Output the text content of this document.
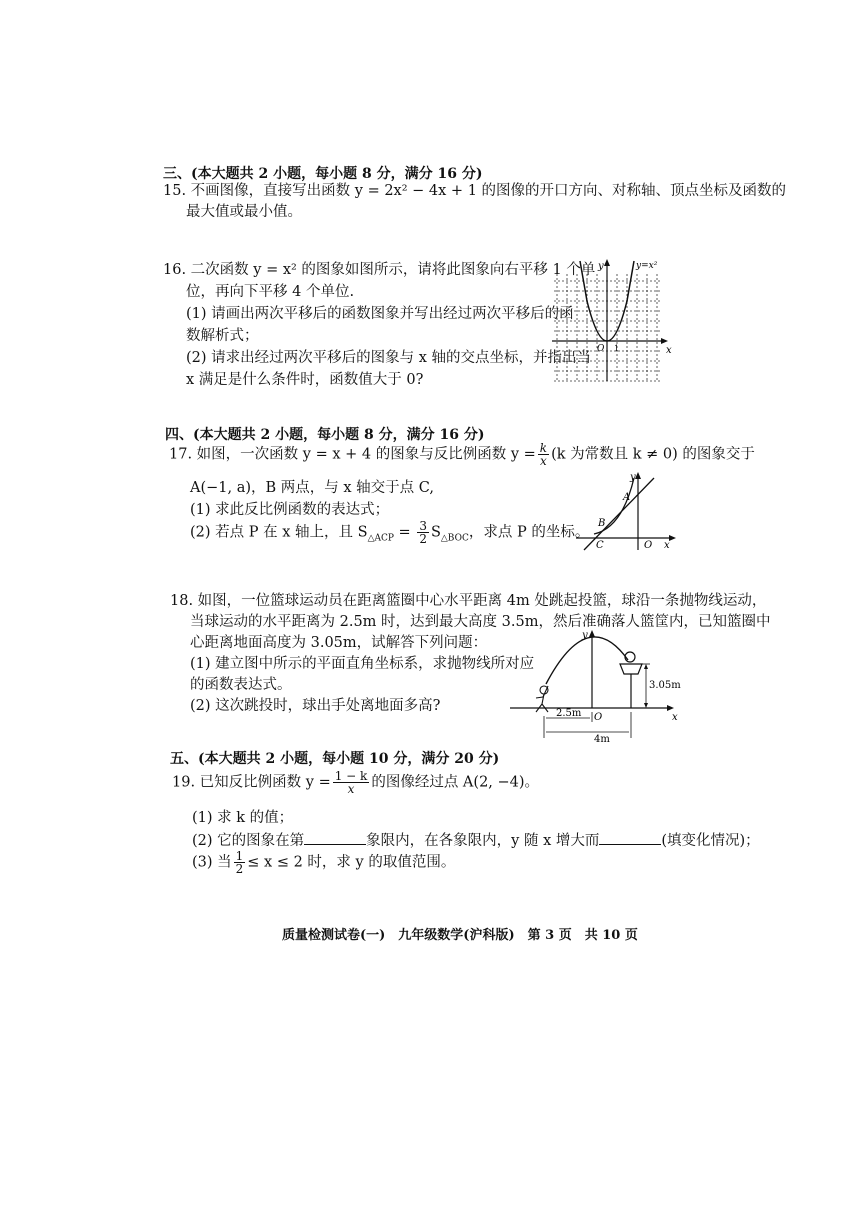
三、(本大题共 2 小题，每小题 8 分，满分 16 分)
15. 不画图像，直接写出函数 y = 2x² − 4x + 1 的图像的开口方向、对称轴、顶点坐标及函数的
最大值或最小值。
16. 二次函数 y = x² 的图象如图所示，请将此图象向右平移 1 个单
位，再向下平移 4 个单位.
(1) 请画出两次平移后的函数图象并写出经过两次平移后的函
数解析式；
(2) 请求出经过两次平移后的图象与 x 轴的交点坐标，并指出当
x 满足是什么条件时，函数值大于 0?
y	y=x²
x
O 1
四、(本大题共 2 小题，每小题 8 分，满分 16 分)
17. 如图，一次函数 y = x + 4 的图象与反比例函数 $y = \frac{k}{x} (k$ 为常数且 k ≠ 0) 的图象交于
A(−1, a)，B 两点，与 x 轴交于点 C,
(1) 求此反比例函数的表达式；
(2) 若点 P 在 x 轴上，且 $S_{\triangle ACP} = \frac{3}{2} S_{\triangle BOC}$，求点 P 的坐标。
A
B
C	O
y
x
18. 如图，一位篮球运动员在距离篮圈中心水平距离 4m 处跳起投篮，球沿一条抛物线运动，
当球运动的水平距离为 2.5m 时，达到最大高度 3.5m，然后准确落人篮筐内，已知篮圈中
心距离地面高度为 3.05m，试解答下列问题：
(1) 建立图中所示的平面直角坐标系，求抛物线所对应
的函数表达式。
(2) 这次跳投时，球出手处离地面多高?
3.05m
2.5m O
4m
y
x
五、(本大题共 2 小题，每小题 10 分，满分 20 分)
19. 已知反比例函数 $y = \frac{1 - k}{x}$ 的图像经过点 A(2, −4)。
(1) 求 k 的值；
(2) 它的图象在第	象限内，在各象限内，y 随 x 增大而	(填变化情况)；
(3) 当 $\frac{1}{2} \le x \le 2$ 时，求 y 的取值范围。
质量检测试卷(一)　九年级数学(沪科版)　第 3 页　共 10 页
